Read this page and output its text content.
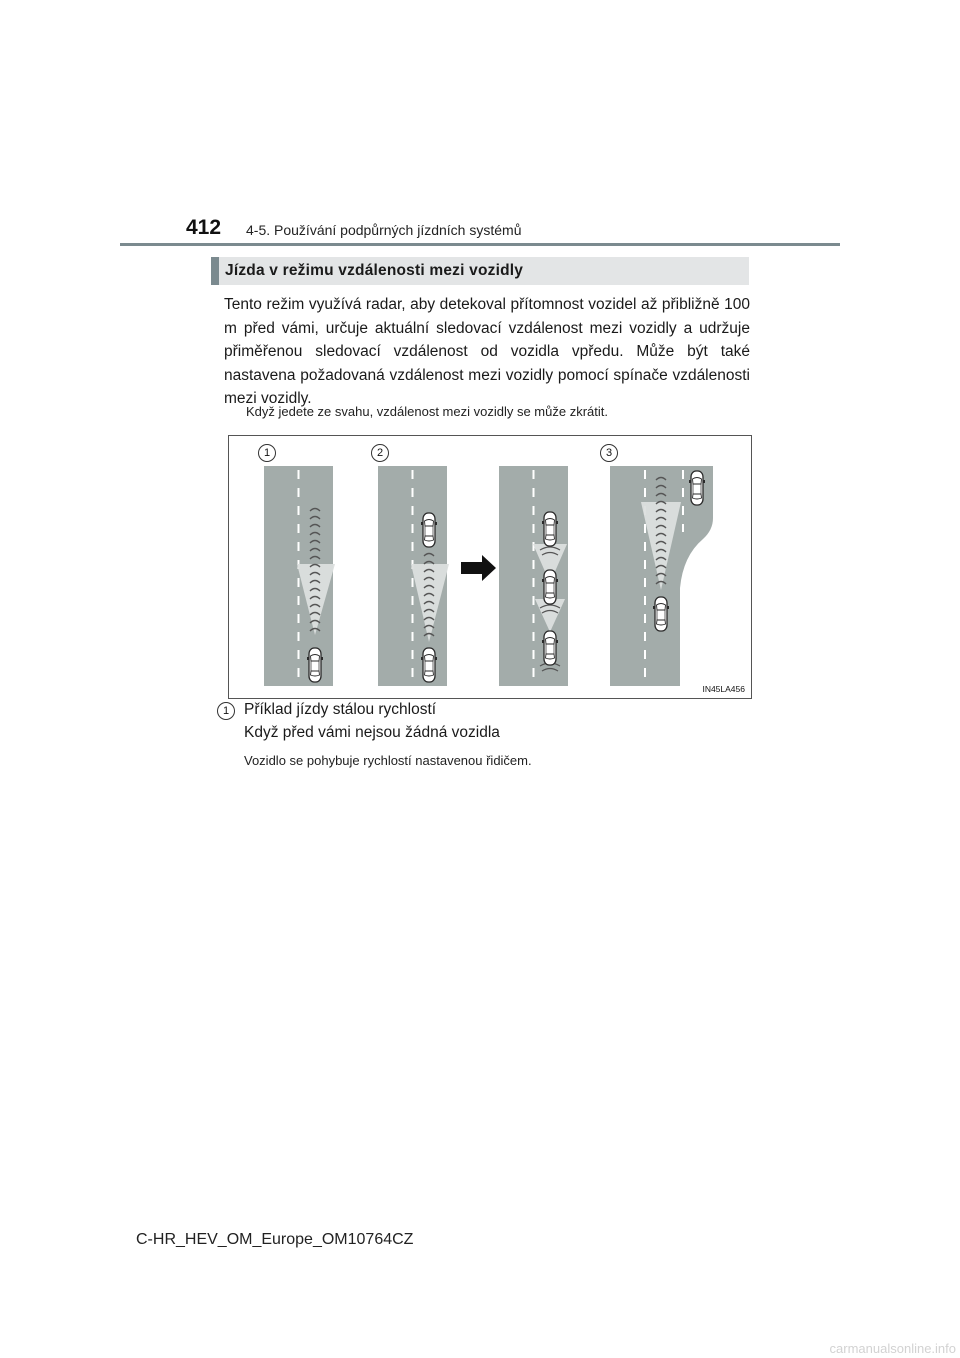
412 4-5. Používání podpůrných jízdních systémů
Jízda v režimu vzdálenosti mezi vozidly
Tento režim využívá radar, aby detekoval přítomnost vozidel až přibližně 100 m před vámi, určuje aktuální sledovací vzdálenost mezi vozidly a udržuje přiměřenou sledovací vzdálenost od vozidla vpředu. Může být také nastavena požadovaná vzdálenost mezi vozidly pomocí spínače vzdálenosti mezi vozidly.
Když jedete ze svahu, vzdálenost mezi vozidly se může zkrátit.
1	2	3
IN45LA456
1 Příklad jízdy stálou rychlostí
Když před vámi nejsou žádná vozidla
Vozidlo se pohybuje rychlostí nastavenou řidičem.
C-HR_HEV_OM_Europe_OM10764CZ
carmanualsonline.info
